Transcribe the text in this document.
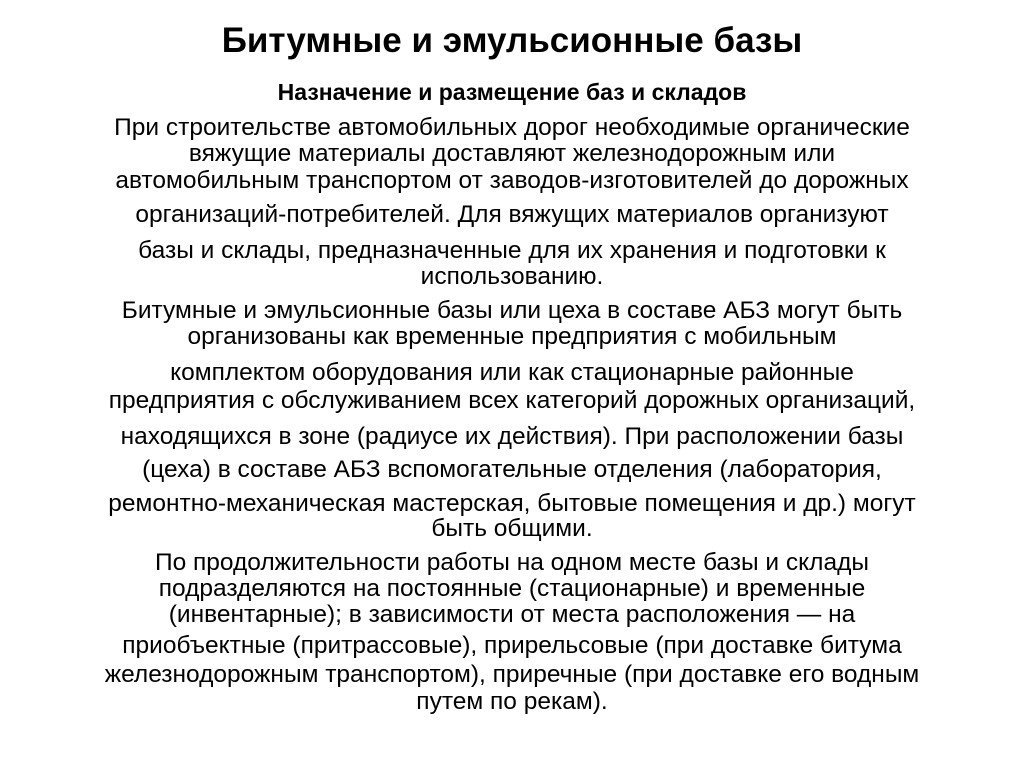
Битумные и эмульсионные базы
Назначение и размещение баз и складов
При строительстве автомобильных дорог необходимые органические
вяжущие материалы доставляют железнодорожным или
автомобильным транспортом от заводов-изготовителей до дорожных
организаций-потребителей. Для вяжущих материалов организуют
базы и склады, предназначенные для их хранения и подготовки к
использованию.
Битумные и эмульсионные базы или цеха в составе АБЗ могут быть
организованы как временные предприятия с мобильным
комплектом оборудования или как стационарные районные
предприятия с обслуживанием всех категорий дорожных организаций,
находящихся в зоне (радиусе их действия). При расположении базы
(цеха) в составе АБЗ вспомогательные отделения (лаборатория,
ремонтно-механическая мастерская, бытовые помещения и др.) могут
быть общими.
По продолжительности работы на одном месте базы и склады
подразделяются на постоянные (стационарные) и временные
(инвентарные); в зависимости от места расположения — на
приобъектные (притрассовые), прирельсовые (при доставке битума
железнодорожным транспортом), приречные (при доставке его водным
путем по рекам).
